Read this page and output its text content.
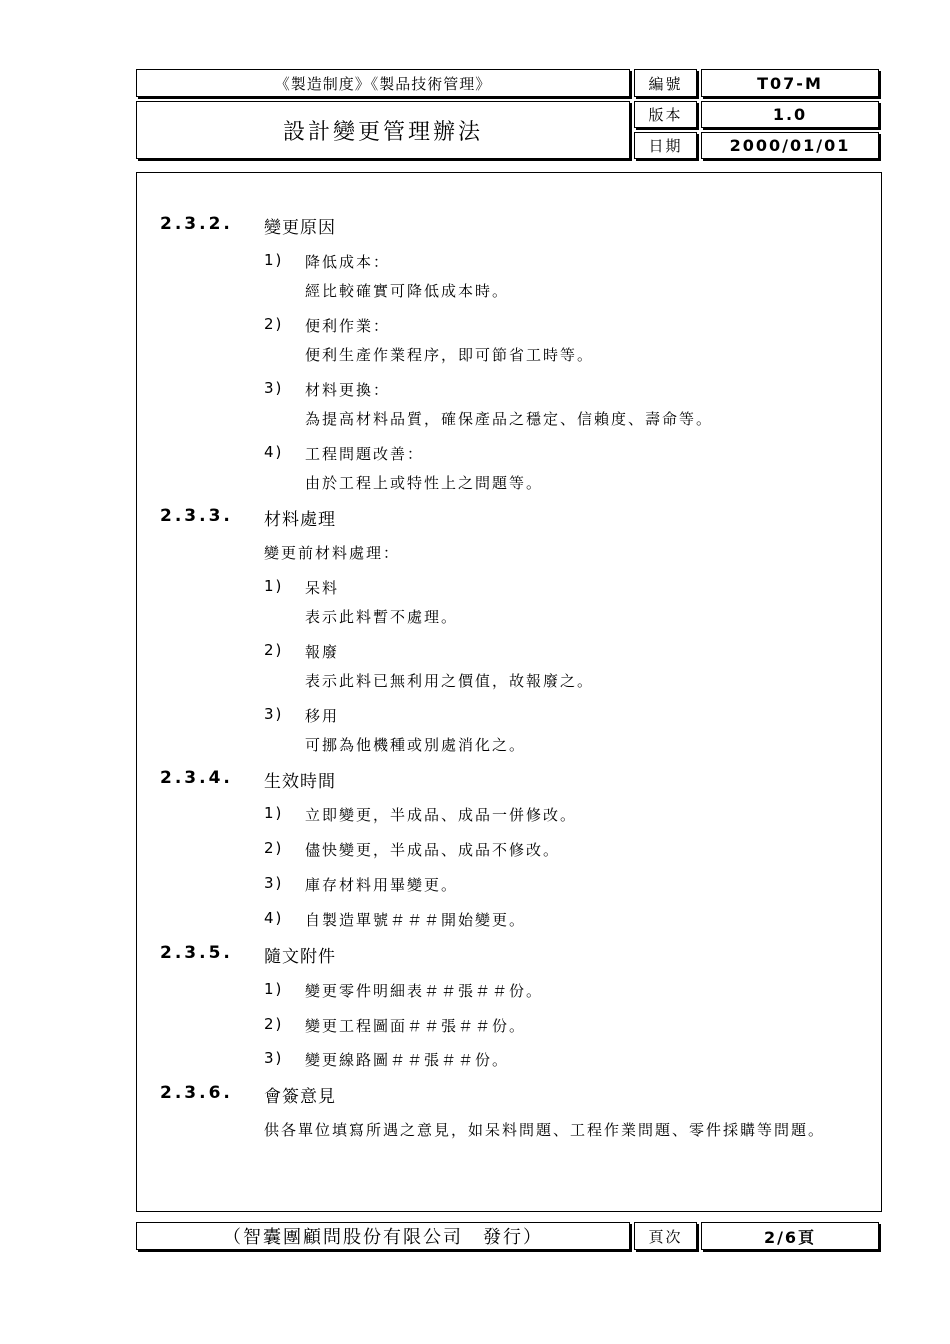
《製造制度》《製品技術管理》
設計變更管理辦法
編號	T07-M
版本	1.0
日期	2000/01/01
2.3.2. 變更原因
1) 降低成本：
經比較確實可降低成本時。
2) 便利作業：
便利生產作業程序，即可節省工時等。
3) 材料更換：
為提高材料品質，確保產品之穩定、信賴度、壽命等。
4) 工程問題改善：
由於工程上或特性上之問題等。
2.3.3. 材料處理
變更前材料處理：
1) 呆料
表示此料暫不處理。
2) 報廢
表示此料已無利用之價值，故報廢之。
3) 移用
可挪為他機種或別處消化之。
2.3.4. 生效時間
1) 立即變更，半成品、成品一併修改。
2) 儘快變更，半成品、成品不修改。
3) 庫存材料用畢變更。
4) 自製造單號＃＃＃開始變更。
2.3.5. 隨文附件
1) 變更零件明細表＃＃張＃＃份。
2) 變更工程圖面＃＃張＃＃份。
3) 變更線路圖＃＃張＃＃份。
2.3.6. 會簽意見
供各單位填寫所遇之意見，如呆料問題、工程作業問題、零件採購等問題。
（智囊團顧問股份有限公司　發行）	頁次	2/6頁
